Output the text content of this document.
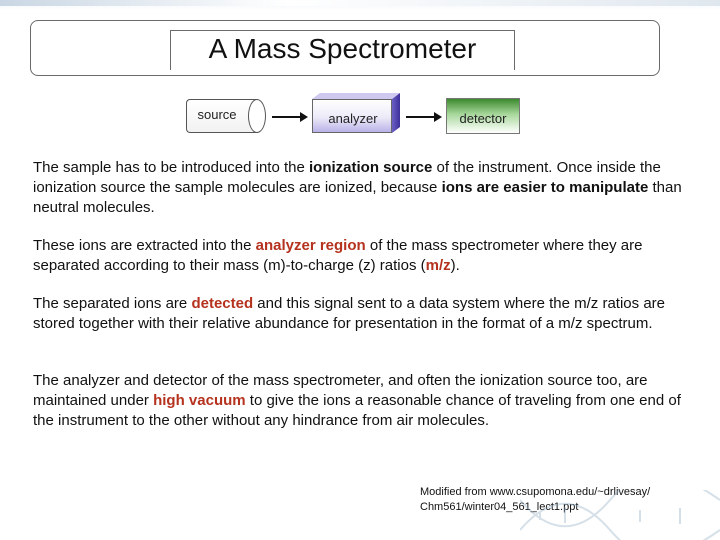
A Mass Spectrometer
source	analyzer	detector
The sample has to be introduced into the ionization source of the instrument. Once inside the ionization source the sample molecules are ionized, because ions are easier to manipulate than neutral molecules.
These ions are extracted into the analyzer region of the mass spectrometer where they are separated according to their mass (m)-to-charge (z) ratios (m/z).
The separated ions are detected and this signal sent to a data system where the m/z ratios are stored together with their relative abundance for presentation in the format of a m/z spectrum.
The analyzer and detector of the mass spectrometer, and often the ionization source too, are maintained under high vacuum to give the ions a reasonable chance of traveling from one end of the instrument to the other without any hindrance from air molecules.
Modified from www.csupomona.edu/~drlivesay/
Chm561/winter04_561_lect1.ppt
